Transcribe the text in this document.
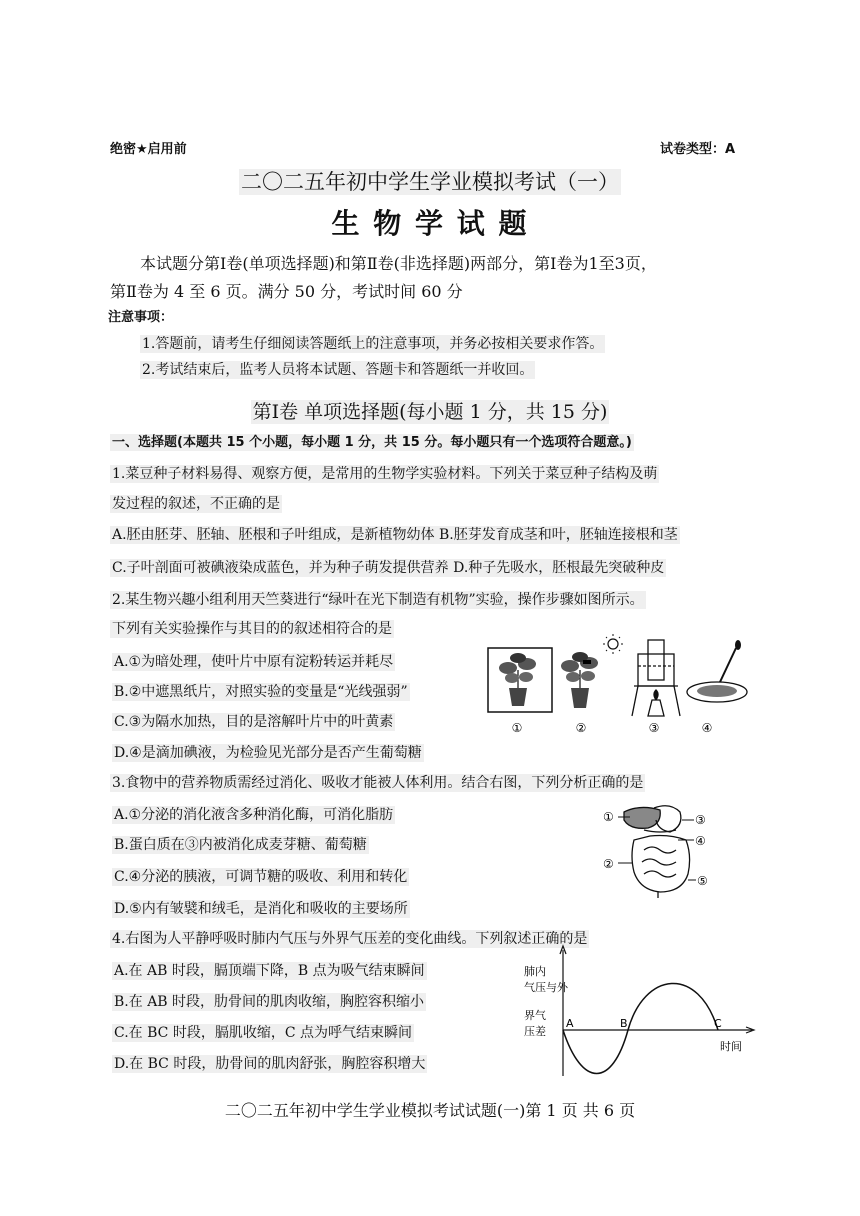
绝密★启用前	试卷类型：A
二〇二五年初中学生学业模拟考试（一）
生 物 学 试 题
本试题分第Ⅰ卷(单项选择题)和第Ⅱ卷(非选择题)两部分，第Ⅰ卷为1至3页，
第Ⅱ卷为 4 至 6 页。满分 50 分，考试时间 60 分
注意事项：
1.答题前，请考生仔细阅读答题纸上的注意事项，并务必按相关要求作答。
2.考试结束后，监考人员将本试题、答题卡和答题纸一并收回。
第Ⅰ卷 单项选择题(每小题 1 分，共 15 分)
一、选择题(本题共 15 个小题，每小题 1 分，共 15 分。每小题只有一个选项符合题意。)
1.菜豆种子材料易得、观察方便，是常用的生物学实验材料。下列关于菜豆种子结构及萌
发过程的叙述，不正确的是
A.胚由胚芽、胚轴、胚根和子叶组成，是新植物幼体 B.胚芽发育成茎和叶，胚轴连接根和茎
C.子叶剖面可被碘液染成蓝色，并为种子萌发提供营养 D.种子先吸水，胚根最先突破种皮
2.某生物兴趣小组利用天竺葵进行“绿叶在光下制造有机物”实验，操作步骤如图所示。
下列有关实验操作与其目的的叙述相符合的是
A.①为暗处理，使叶片中原有淀粉转运并耗尽
B.②中遮黑纸片，对照实验的变量是“光线强弱”
C.③为隔水加热，目的是溶解叶片中的叶黄素
D.④是滴加碘液，为检验见光部分是否产生葡萄糖
①	②	③	④
3.食物中的营养物质需经过消化、吸收才能被人体利用。结合右图，下列分析正确的是
A.①分泌的消化液含多种消化酶，可消化脂肪
B.蛋白质在③内被消化成麦芽糖、葡萄糖
C.④分泌的胰液，可调节糖的吸收、利用和转化
D.⑤内有皱襞和绒毛，是消化和吸收的主要场所
①
②
③
④
⑤
4.右图为人平静呼吸时肺内气压与外界气压差的变化曲线。下列叙述正确的是
A.在 AB 时段，膈顶端下降，B 点为吸气结束瞬间
B.在 AB 时段，肋骨间的肌肉收缩，胸腔容积缩小
C.在 BC 时段，膈肌收缩，C 点为呼气结束瞬间
D.在 BC 时段，肋骨间的肌肉舒张，胸腔容积增大
肺内
气压与外
界气
压差
A	B	C
时间
二〇二五年初中学生学业模拟考试试题(一)第 1 页 共 6 页
